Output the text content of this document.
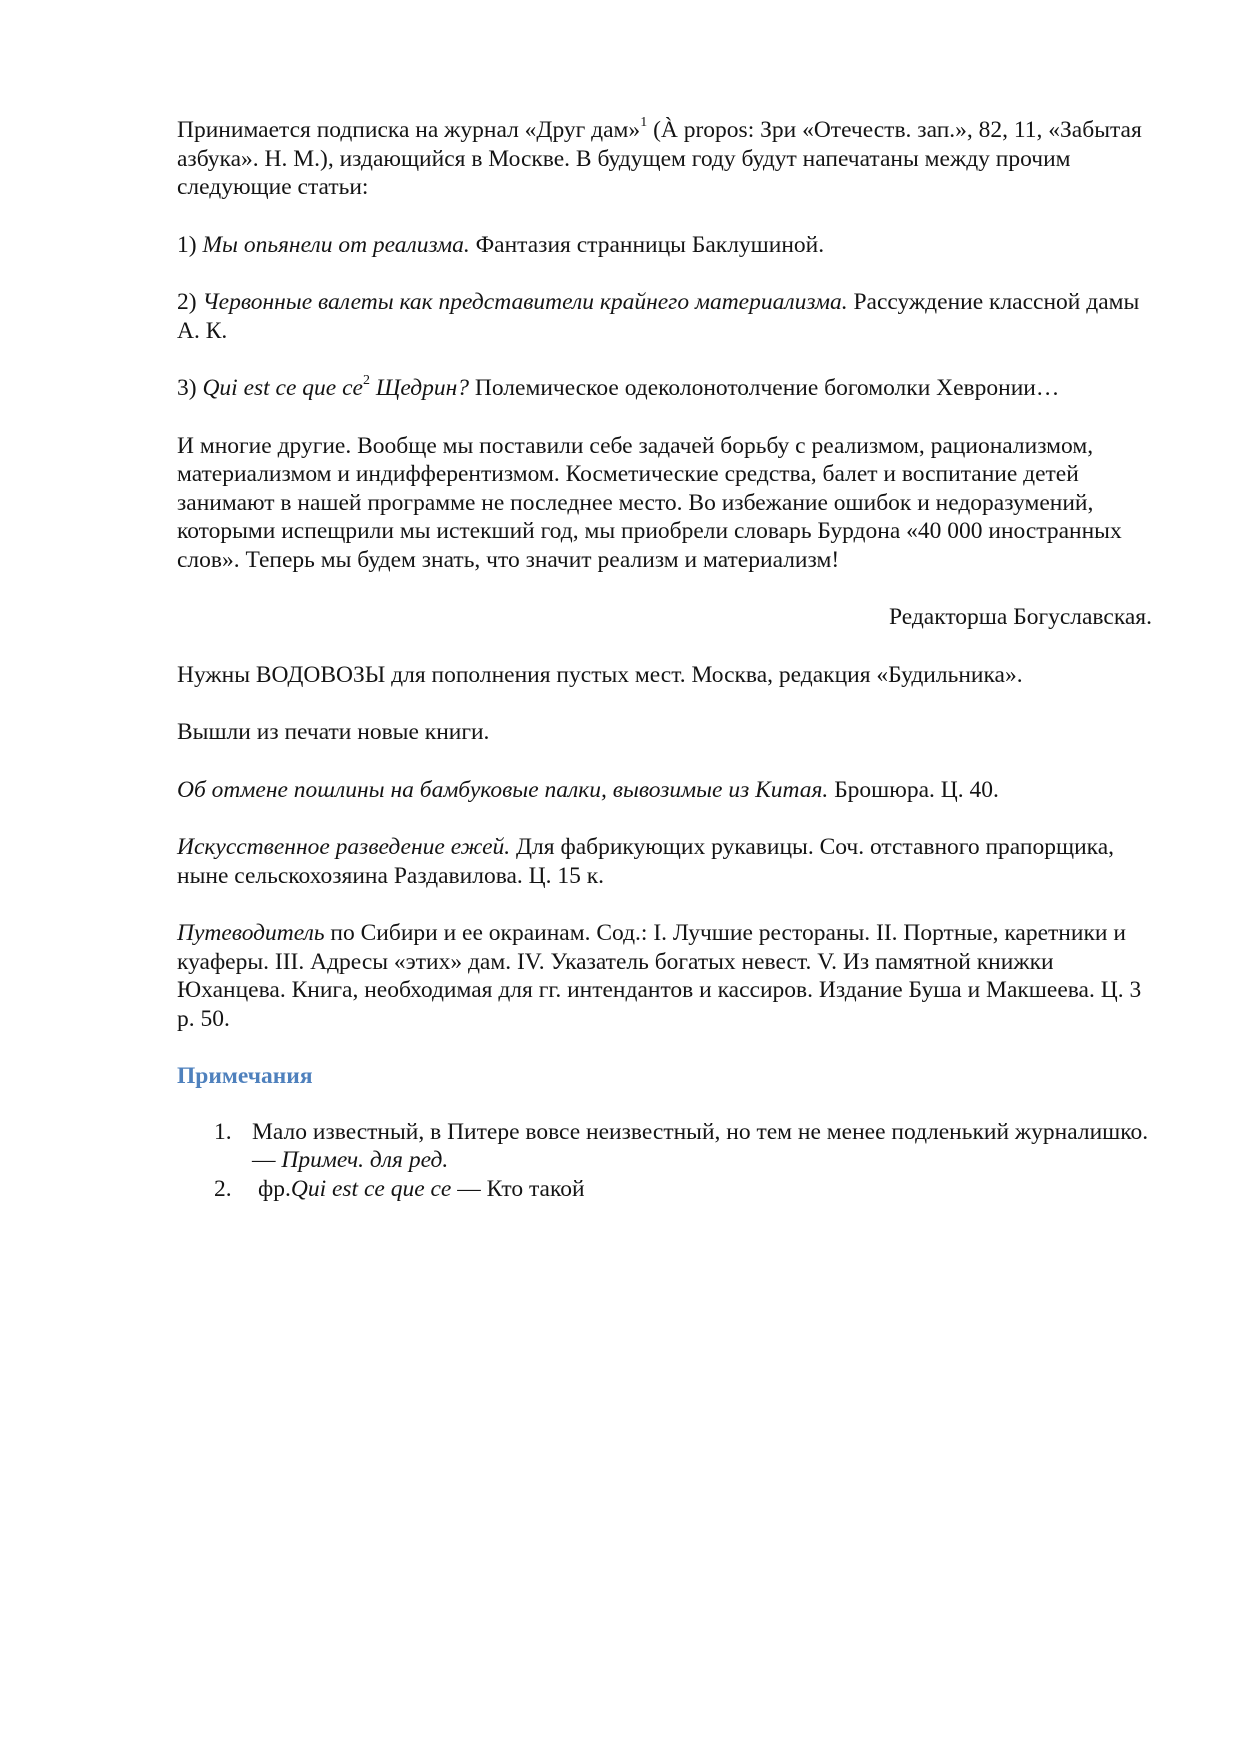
Принимается подписка на журнал «Друг дам»$^1$ (À propos: Зри «Отечеств. зап.», 82, 11, «Забытая азбука». Н. М.), издающийся в Москве. В будущем году будут напечатаны между прочим следующие статьи:

1) Мы опьянели от реализма. Фантазия странницы Баклушиной.

2) Червонные валеты как представители крайнего материализма. Рассуждение классной дамы А. К.

3) Qui est ce que $ce^2$ Щедрин? Полемическое одеколонотолчение богомолки Хевронии…

И многие другие. Вообще мы поставили себе задачей борьбу с реализмом, рационализмом, материализмом и индифферентизмом. Косметические средства, балет и воспитание детей занимают в нашей программе не последнее место. Во избежание ошибок и недоразумений, которыми испещрили мы истекший год, мы приобрели словарь Бурдона «40 000 иностранных слов». Теперь мы будем знать, что значит реализм и материализм!

Редакторша Богуславская.

Нужны ВОДОВОЗЫ для пополнения пустых мест. Москва, редакция «Будильника».

Вышли из печати новые книги.

Об отмене пошлины на бамбуковые палки, вывозимые из Китая. Брошюра. Ц. 40.

Искусственное разведение ежей. Для фабрикующих рукавицы. Соч. отставного прапорщика, ныне сельскохозяина Раздавилова. Ц. 15 к.

Путеводитель по Сибири и ее окраинам. Сод.: I. Лучшие рестораны. II. Портные, каретники и куаферы. III. Адресы «этих» дам. IV. Указатель богатых невест. V. Из памятной книжки Юханцева. Книга, необходимая для гг. интендантов и кассиров. Издание Буша и Макшеева. Ц. 3 р. 50.

Примечания
1. Мало известный, в Питере вовсе неизвестный, но тем не менее подленький журналишко. — Примеч. для ред.
2. фр.Qui est ce que ce — Кто такой
